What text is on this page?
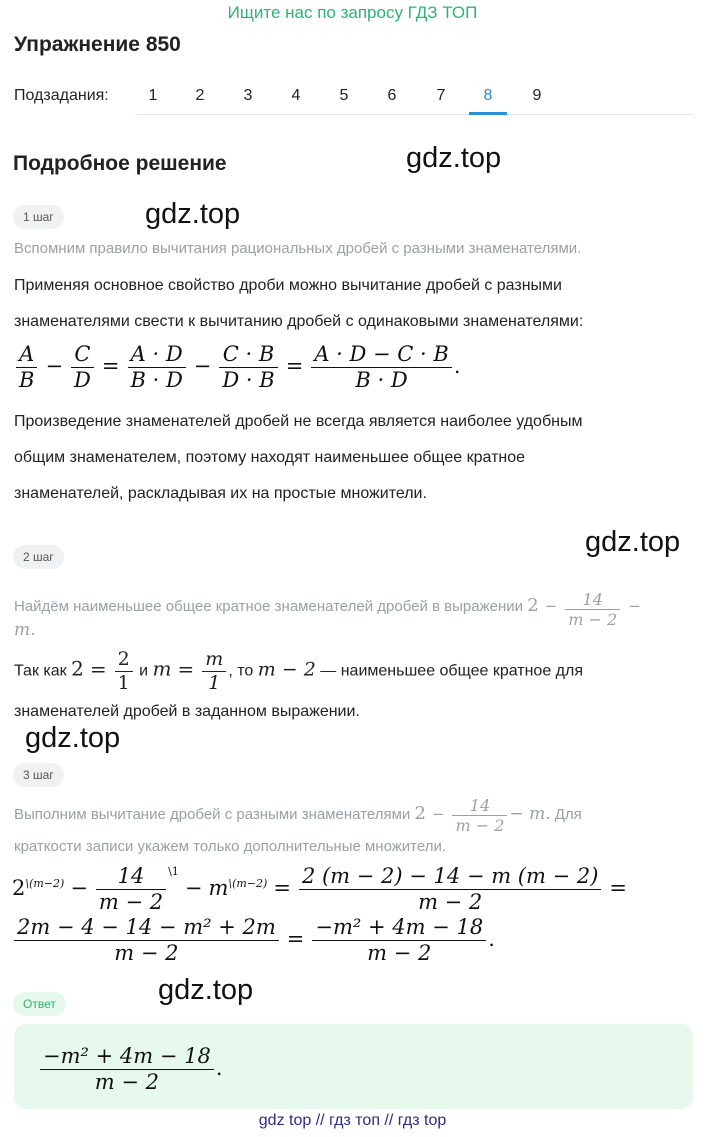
Ищите нас по запросу ГДЗ ТОП
Упражнение 850
Подзадания:	1	2	3	4	5	6	7	8	9
Подробное решение	gdz.top
gdz.top
gdz.top
gdz.top
gdz.top
1 шаг
Вспомним правило вычитания рациональных дробей с разными знаменателями.
Применяя основное свойство дроби можно вычитание дробей с разными
знаменателями свести к вычитанию дробей с одинаковыми знаменателями:
$\frac{A}{B} - \frac{C}{D} = \frac{A \cdot D}{B \cdot D} - \frac{C \cdot B}{D \cdot B} = \frac{A \cdot D - C \cdot B}{B \cdot D}$ .
Произведение знаменателей дробей не всегда является наиболее удобным
общим знаменателем, поэтому находят наименьшее общее кратное
знаменателей, раскладывая их на простые множители.
2 шаг
Найдём наименьшее общее кратное знаменателей дробей в выражении $2 - \frac{14}{m - 2}$ −
m.
Так как $2 = \frac{2}{1}$ и $m = \frac{m}{1}$ , то m − 2 — наименьшее общее кратное для
знаменателей дробей в заданном выражении.
3 шаг
Выполним вычитание дробей с разными знаменателями $2 - \frac{14}{m - 2} - m$. Для
краткости записи укажем только дополнительные множители.
$2^{\backslash(m-2)} - \frac{14}{m - 2} ^{\backslash 1}- m^{\backslash(m-2)} = \frac{2 (m - 2) - 14 - m (m - 2)}{m - 2}$ =
$\frac{\text{2m − 4 − 14 − m² + 2m}}{m - 2} = \frac{\text{−m² + 4m − 18}}{m - 2}$ .
Ответ
$\frac{\text{−m² + 4m − 18}}{m - 2}$ .
gdz top // гдз топ // гдз top
